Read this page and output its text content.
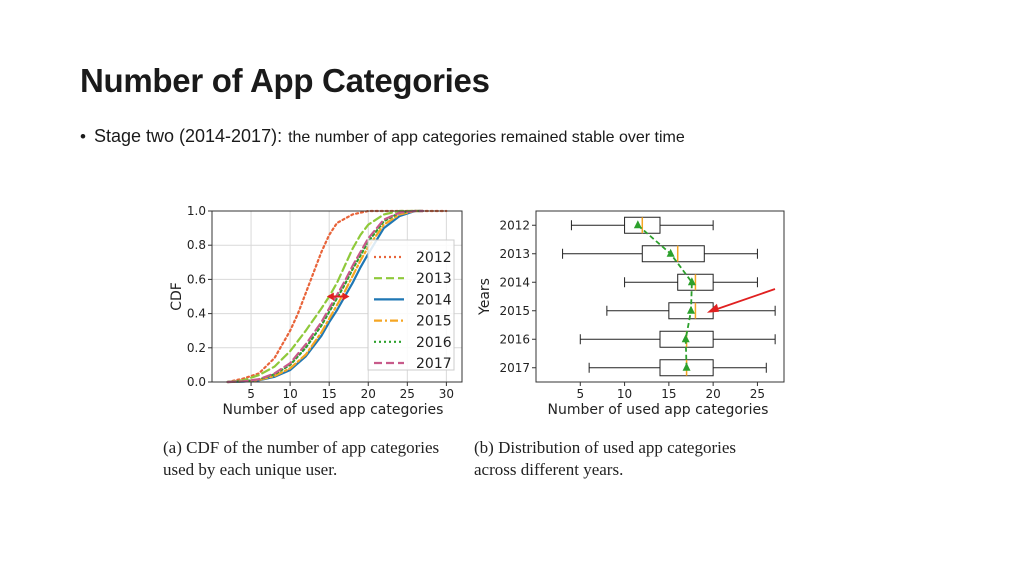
Number of App Categories
• Stage two (2014-2017): the number of app categories remained stable over time
5 10 15 20 25 30
0.0
0.2
0.4
0.6
0.8
1.0
Number of used app categories
CDF
2012
2013
2014
2015
2016
2017
5	10 15 20 25
2012
2013
2014
2015
2016
2017
Number of used app categories
Years
(a) CDF of the number of app categories
used by each unique user.
(b) Distribution of used app categories
across different years.
